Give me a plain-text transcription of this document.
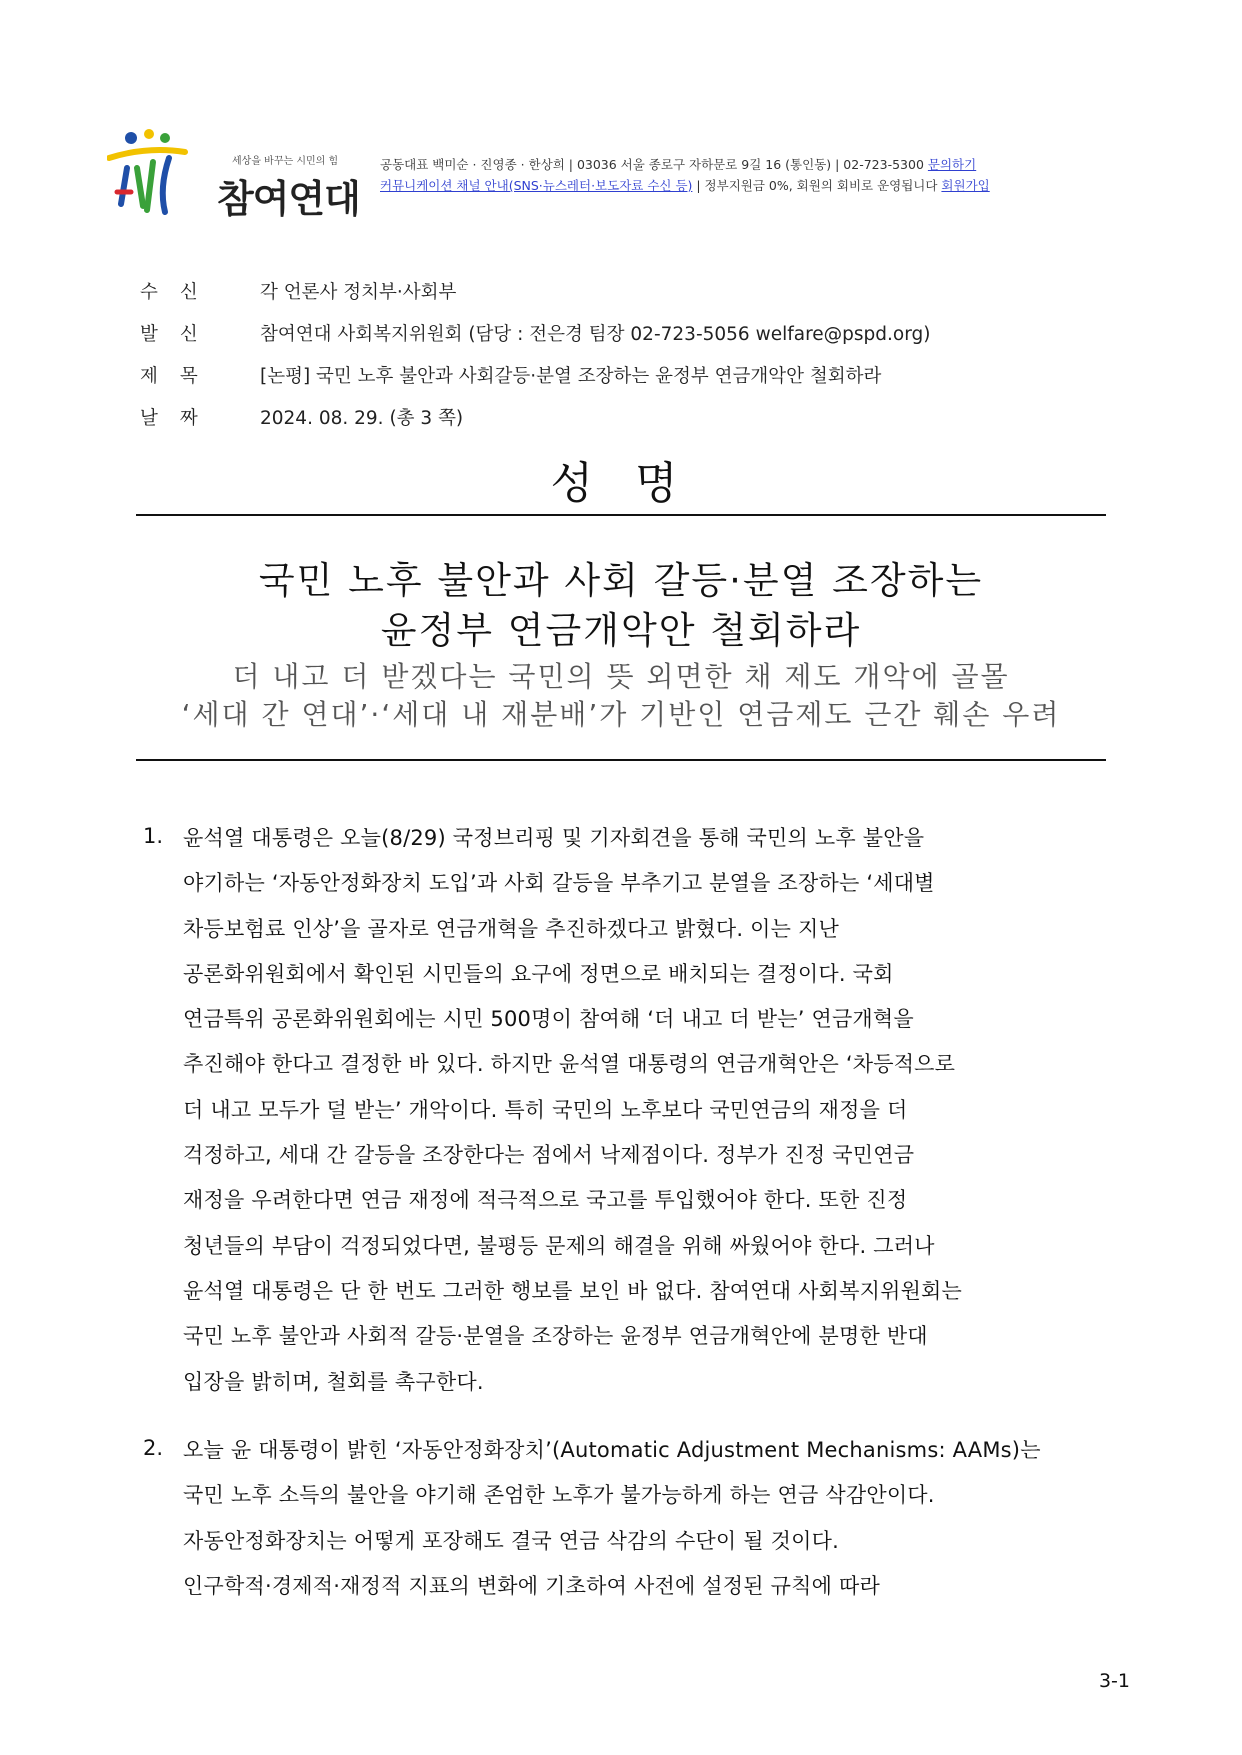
세상을 바꾸는 시민의 힘
참여연대
공동대표 백미순 · 진영종 · 한상희 | 03036 서울 종로구 자하문로 9길 16 (통인동) | 02-723-5300 문의하기
커뮤니케이션 채널 안내(SNS·뉴스레터·보도자료 수신 등) | 정부지원금 0%, 회원의 회비로 운영됩니다 회원가입
수신	각 언론사 정치부·사회부
발신	참여연대 사회복지위원회 (담당 : 전은경 팀장 02-723-5056 welfare@pspd.org)
제목	[논평] 국민 노후 불안과 사회갈등·분열 조장하는 윤정부 연금개악안 철회하라
날짜	2024. 08. 29. (총 3 쪽)
성 명
국민 노후 불안과 사회 갈등·분열 조장하는
윤정부 연금개악안 철회하라
더 내고 더 받겠다는 국민의 뜻 외면한 채 제도 개악에 골몰
‘세대 간 연대’·‘세대 내 재분배’가 기반인 연금제도 근간 훼손 우려
1. 윤석열 대통령은 오늘(8/29) 국정브리핑 및 기자회견을 통해 국민의 노후 불안을
야기하는 ‘자동안정화장치 도입’과 사회 갈등을 부추기고 분열을 조장하는 ‘세대별
차등보험료 인상’을 골자로 연금개혁을 추진하겠다고 밝혔다. 이는 지난
공론화위원회에서 확인된 시민들의 요구에 정면으로 배치되는 결정이다. 국회
연금특위 공론화위원회에는 시민 500명이 참여해 ‘더 내고 더 받는’ 연금개혁을
추진해야 한다고 결정한 바 있다. 하지만 윤석열 대통령의 연금개혁안은 ‘차등적으로
더 내고 모두가 덜 받는’ 개악이다. 특히 국민의 노후보다 국민연금의 재정을 더
걱정하고, 세대 간 갈등을 조장한다는 점에서 낙제점이다. 정부가 진정 국민연금
재정을 우려한다면 연금 재정에 적극적으로 국고를 투입했어야 한다. 또한 진정
청년들의 부담이 걱정되었다면, 불평등 문제의 해결을 위해 싸웠어야 한다. 그러나
윤석열 대통령은 단 한 번도 그러한 행보를 보인 바 없다. 참여연대 사회복지위원회는
국민 노후 불안과 사회적 갈등·분열을 조장하는 윤정부 연금개혁안에 분명한 반대
입장을 밝히며, 철회를 촉구한다.
2. 오늘 윤 대통령이 밝힌 ‘자동안정화장치’(Automatic Adjustment Mechanisms: AAMs)는
국민 노후 소득의 불안을 야기해 존엄한 노후가 불가능하게 하는 연금 삭감안이다.
자동안정화장치는 어떻게 포장해도 결국 연금 삭감의 수단이 될 것이다.
인구학적·경제적·재정적 지표의 변화에 기초하여 사전에 설정된 규칙에 따라
3-1
